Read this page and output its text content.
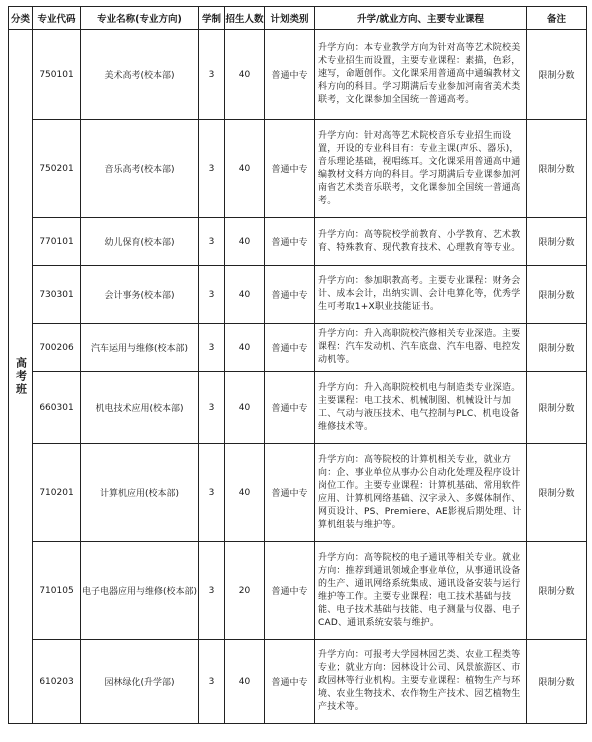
分类	专业代码	专业名称(专业方向)	学制	招生人数	计划类别	升学/就业方向、主要专业课程	备注

高考班	750101	美术高考(校本部)	3	40	普通中专	升学方向：本专业教学方向为针对高等艺术院校美术专业招生而设置，主要专业课程：素描，色彩，速写，命题创作。文化课采用普通高中通编教材文科方向的科目。学习期满后专业参加河南省美术类联考，文化课参加全国统一普通高考。	限制分数
	750201	音乐高考(校本部)	3	40	普通中专	升学方向：针对高等艺术院校音乐专业招生而设置，开设的专业科目有：专业主课(声乐、器乐)，音乐理论基础，视唱练耳。文化课采用普通高中通编教材文科方向的科目。学习期满后专业课参加河南省艺术类音乐联考，文化课参加全国统一普通高考。	限制分数
	770101	幼儿保育(校本部)	3	40	普通中专	升学方向：高等院校学前教育、小学教育、艺术教育、特殊教育、现代教育技术、心理教育等专业。	限制分数
	730301	会计事务(校本部)	3	40	普通中专	升学方向：参加职教高考。主要专业课程：财务会计、成本会计，出纳实训、会计电算化等，优秀学生可考取1+X职业技能证书。	限制分数
	700206	汽车运用与维修(校本部)	3	40	普通中专	升学方向：升入高职院校汽修相关专业深造。主要课程：汽车发动机、汽车底盘、汽车电器、电控发动机等。	限制分数
	660301	机电技术应用(校本部)	3	40	普通中专	升学方向：升入高职院校机电与制造类专业深造。主要课程：电工技术、机械制图、机械设计与加工、气动与液压技术、电气控制与PLC、机电设备维修技术等。	限制分数
	710201	计算机应用(校本部)	3	40	普通中专	升学方向：高等院校的计算机相关专业，就业方向：企、事业单位从事办公自动化处理及程序设计岗位工作。主要专业课程：计算机基础、常用软件应用、计算机网络基础、汉字录入、多媒体制作、网页设计、PS、Premiere、AE影视后期处理、计算机组装与维护等。	限制分数
	710105	电子电器应用与维修(校本部)	3	20	普通中专	升学方向：高等院校的电子通讯等相关专业。就业方向：推荐到通讯领域企事业单位，从事通讯设备的生产、通讯网络系统集成、通讯设备安装与运行维护等工作。主要专业课程：电工技术基础与技能、电子技术基础与技能、电子测量与仪器、电子CAD、通讯系统安装与维护。	限制分数
	610203	园林绿化(升学部)	3	40	普通中专	升学方向：可报考大学园林园艺类、农业工程类等专业；就业方向：园林设计公司、风景旅游区、市政园林等行业机构。主要专业课程：植物生产与环境、农业生物技术、农作物生产技术、园艺植物生产技术等。	限制分数
